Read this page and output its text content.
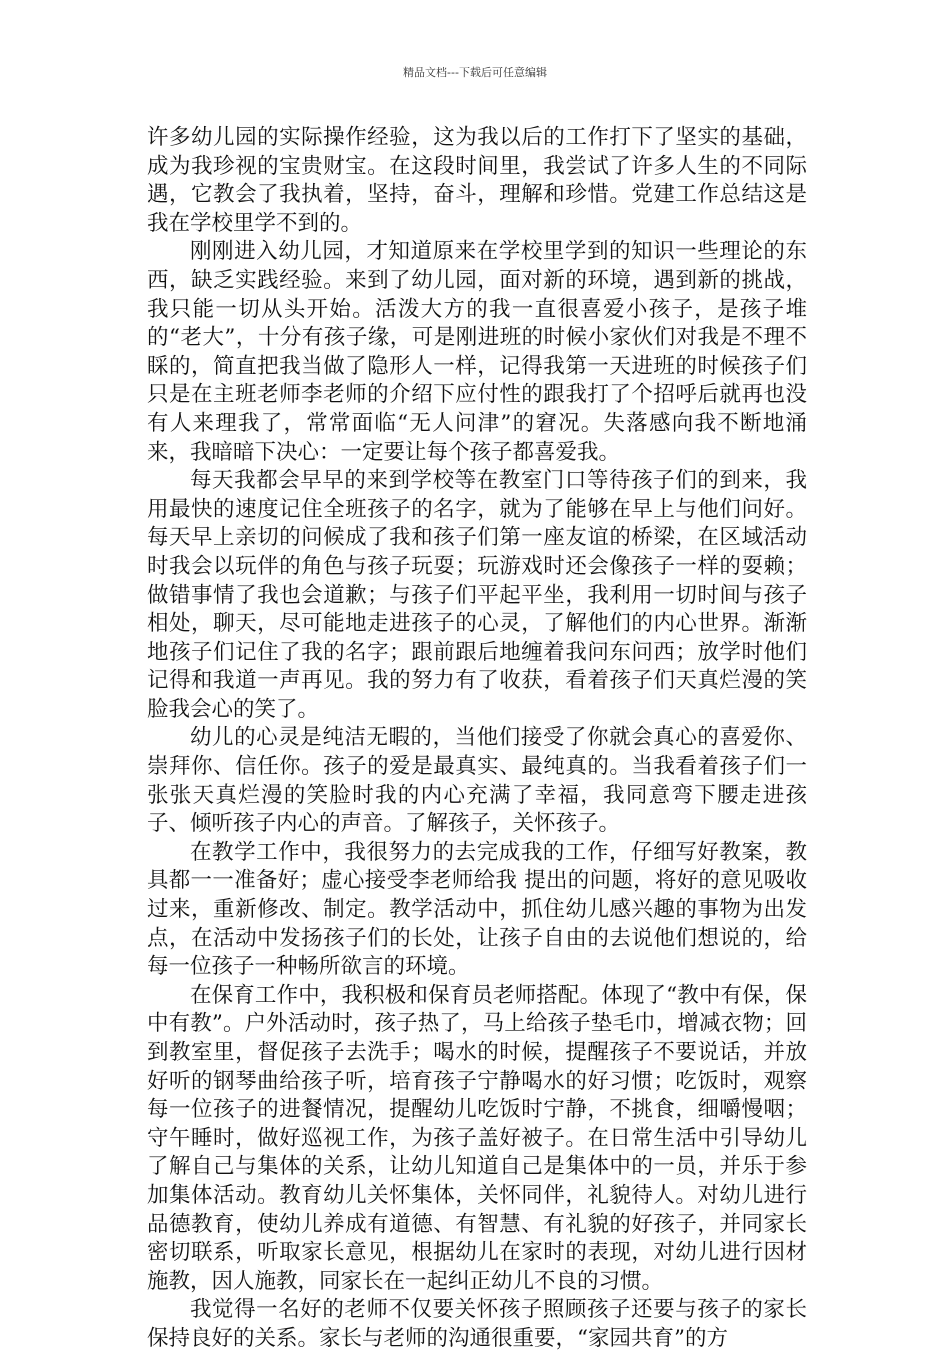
精品文档---下载后可任意编辑

许多幼儿园的实际操作经验，这为我以后的工作打下了坚实的基础，成为我珍视的宝贵财宝。在这段时间里，我尝试了许多人生的不同际遇，它教会了我执着，坚持，奋斗，理解和珍惜。党建工作总结这是我在学校里学不到的。

刚刚进入幼儿园，才知道原来在学校里学到的知识一些理论的东西，缺乏实践经验。来到了幼儿园，面对新的环境，遇到新的挑战，我只能一切从头开始。活泼大方的我一直很喜爱小孩子，是孩子堆的“老大”，十分有孩子缘，可是刚进班的时候小家伙们对我是不理不睬的，简直把我当做了隐形人一样，记得我第一天进班的时候孩子们只是在主班老师李老师的介绍下应付性的跟我打了个招呼后就再也没有人来理我了，常常面临“无人问津”的窘况。失落感向我不断地涌来，我暗暗下决心：一定要让每个孩子都喜爱我。

每天我都会早早的来到学校等在教室门口等待孩子们的到来，我用最快的速度记住全班孩子的名字，就为了能够在早上与他们问好。每天早上亲切的问候成了我和孩子们第一座友谊的桥梁，在区域活动时我会以玩伴的角色与孩子玩耍；玩游戏时还会像孩子一样的耍赖；做错事情了我也会道歉；与孩子们平起平坐，我利用一切时间与孩子相处，聊天，尽可能地走进孩子的心灵，了解他们的内心世界。渐渐地孩子们记住了我的名字；跟前跟后地缠着我问东问西；放学时他们记得和我道一声再见。我的努力有了收获，看着孩子们天真烂漫的笑脸我会心的笑了。

幼儿的心灵是纯洁无暇的，当他们接受了你就会真心的喜爱你、崇拜你、信任你。孩子的爱是最真实、最纯真的。当我看着孩子们一张张天真烂漫的笑脸时我的内心充满了幸福，我同意弯下腰走进孩子、倾听孩子内心的声音。了解孩子，关怀孩子。

在教学工作中，我很努力的去完成我的工作，仔细写好教案，教具都一一准备好；虚心接受李老师给我 提出的问题，将好的意见吸收过来，重新修改、制定。教学活动中，抓住幼儿感兴趣的事物为出发点，在活动中发扬孩子们的长处，让孩子自由的去说他们想说的，给每一位孩子一种畅所欲言的环境。

在保育工作中，我积极和保育员老师搭配。体现了“教中有保，保中有教”。户外活动时，孩子热了，马上给孩子垫毛巾，增减衣物；回到教室里，督促孩子去洗手；喝水的时候，提醒孩子不要说话，并放好听的钢琴曲给孩子听，培育孩子宁静喝水的好习惯；吃饭时，观察每一位孩子的进餐情况，提醒幼儿吃饭时宁静，不挑食，细嚼慢咽；守午睡时，做好巡视工作，为孩子盖好被子。在日常生活中引导幼儿了解自己与集体的关系，让幼儿知道自己是集体中的一员，并乐于参加集体活动。教育幼儿关怀集体，关怀同伴，礼貌待人。对幼儿进行品德教育，使幼儿养成有道德、有智慧、有礼貌的好孩子，并同家长密切联系，听取家长意见，根据幼儿在家时的表现，对幼儿进行因材施教，因人施教，同家长在一起纠正幼儿不良的习惯。

我觉得一名好的老师不仅要关怀孩子照顾孩子还要与孩子的家长保持良好的关系。家长与老师的沟通很重要，“家园共育”的方
